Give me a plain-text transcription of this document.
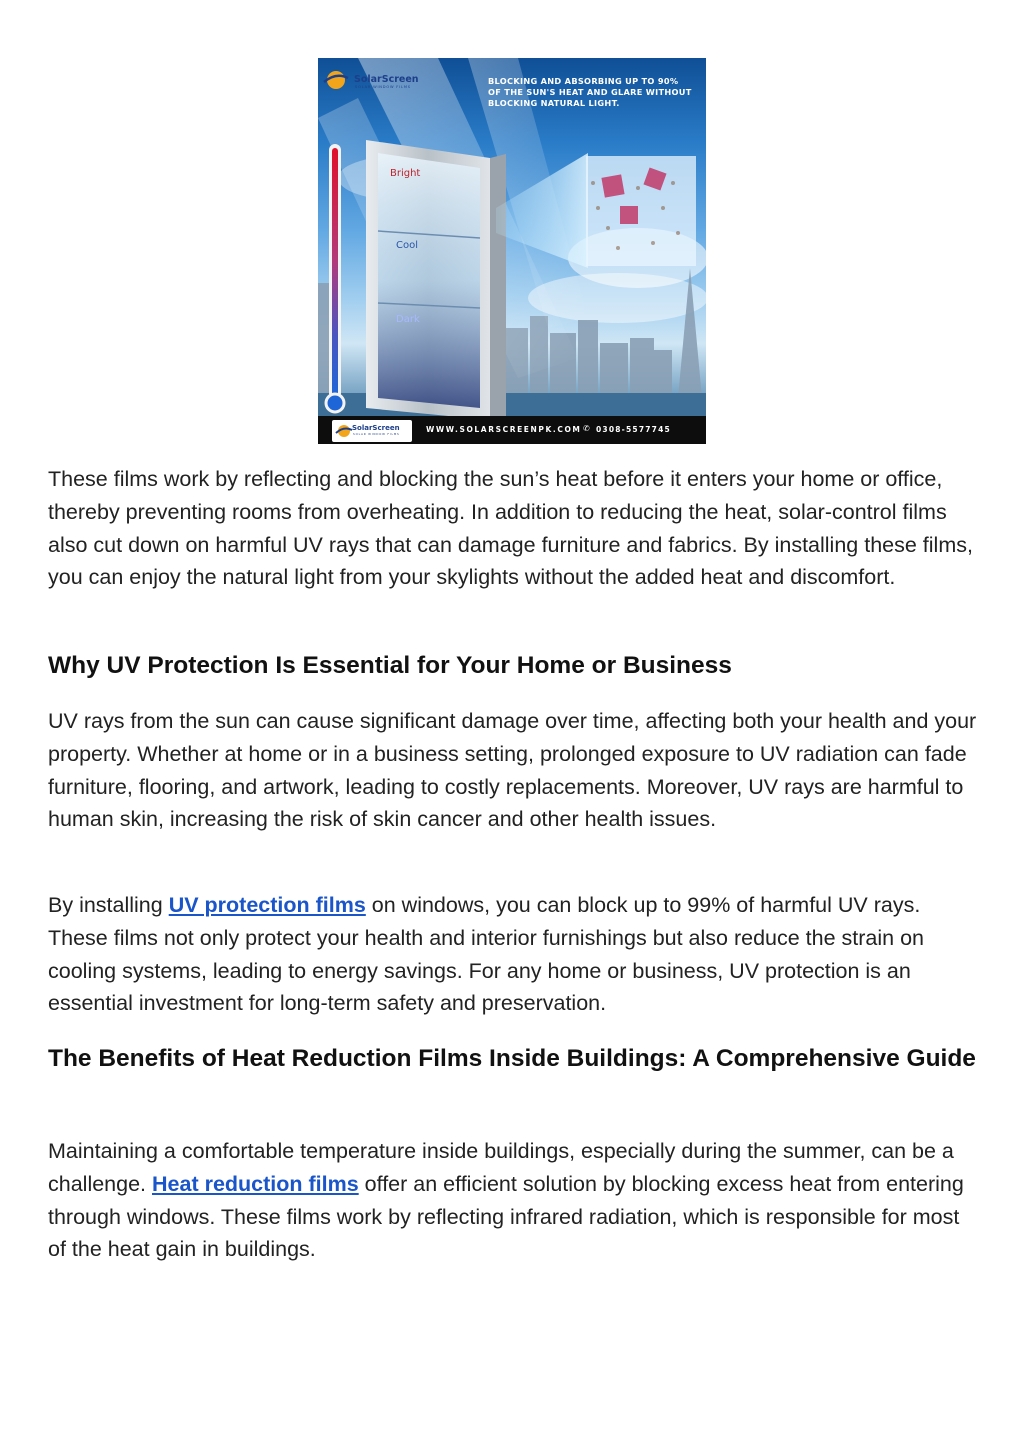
SolarScreen
SOLAR WINDOW FILMS
BLOCKING AND ABSORBING UP TO 90% OF THE SUN'S HEAT AND GLARE WITHOUT BLOCKING NATURAL LIGHT.
Bright
Cool
Dark
SolarScreen
SOLAR WINDOW FILMS	WWW.SOLARSCREENPK.COM ✆ 0308-5577745

These films work by reflecting and blocking the sun’s heat before it enters your home or office, thereby preventing rooms from overheating. In addition to reducing the heat, solar-control films also cut down on harmful UV rays that can damage furniture and fabrics. By installing these films, you can enjoy the natural light from your skylights without the added heat and discomfort.

Why UV Protection Is Essential for Your Home or Business

UV rays from the sun can cause significant damage over time, affecting both your health and your property. Whether at home or in a business setting, prolonged exposure to UV radiation can fade furniture, flooring, and artwork, leading to costly replacements. Moreover, UV rays are harmful to human skin, increasing the risk of skin cancer and other health issues.

By installing UV protection films on windows, you can block up to 99% of harmful UV rays. These films not only protect your health and interior furnishings but also reduce the strain on cooling systems, leading to energy savings. For any home or business, UV protection is an essential investment for long-term safety and preservation.

The Benefits of Heat Reduction Films Inside Buildings: A Comprehensive Guide

Maintaining a comfortable temperature inside buildings, especially during the summer, can be a challenge. Heat reduction films offer an efficient solution by blocking excess heat from entering through windows. These films work by reflecting infrared radiation, which is responsible for most of the heat gain in buildings.
